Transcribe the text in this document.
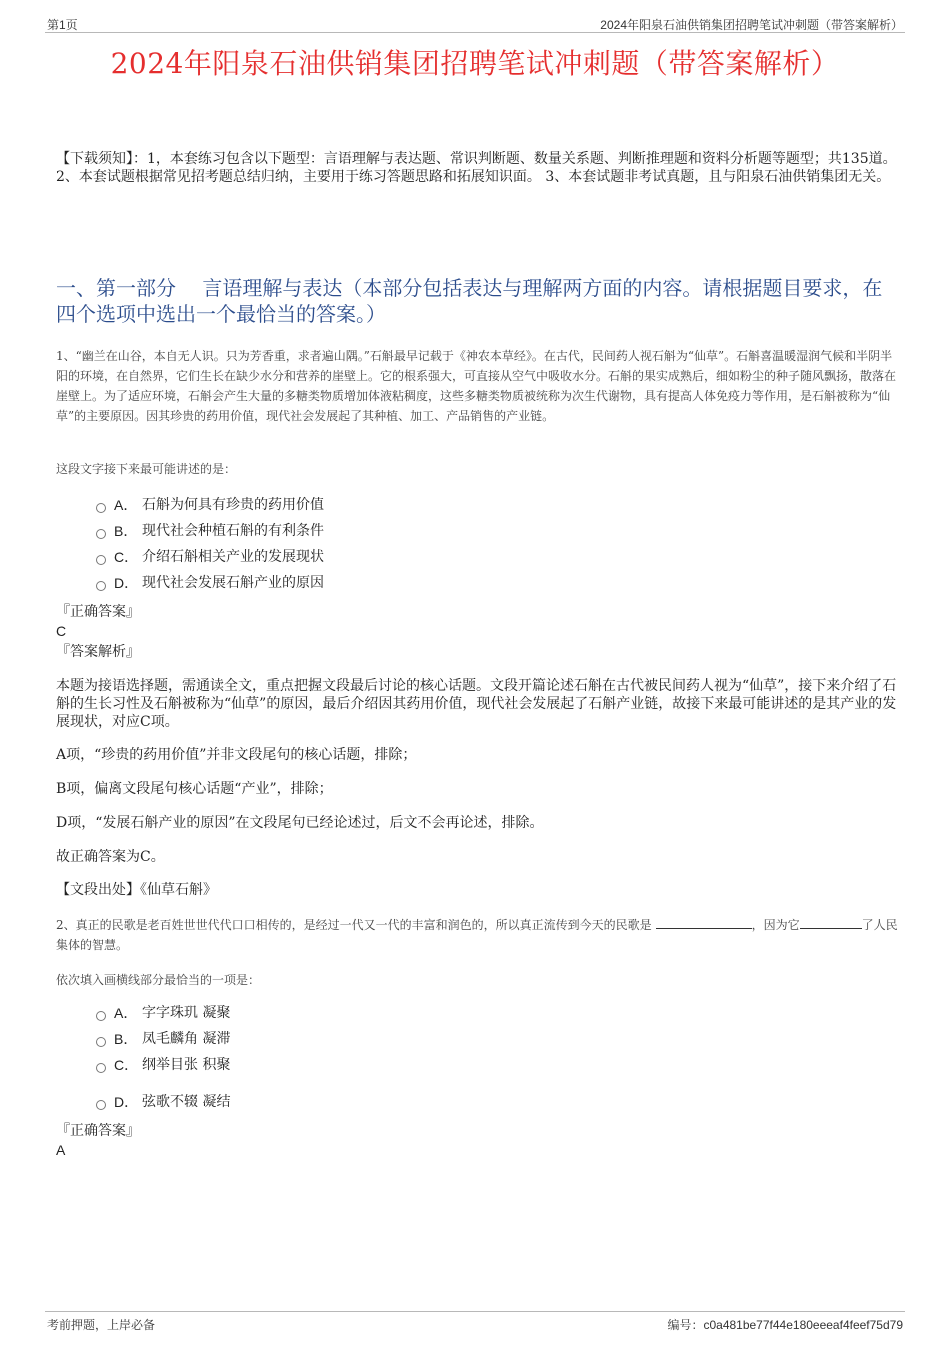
第1页	2024年阳泉石油供销集团招聘笔试冲刺题（带答案解析）
2024年阳泉石油供销集团招聘笔试冲刺题（带答案解析）
【下载须知】：1，本套练习包含以下题型：言语理解与表达题、常识判断题、数量关系题、判断推理题和资料分析题等题型；共135道。 2、本套试题根据常见招考题总结归纳，主要用于练习答题思路和拓展知识面。 3、本套试题非考试真题，且与阳泉石油供销集团无关。
一、第一部分　 言语理解与表达（本部分包括表达与理解两方面的内容。请根据题目要求，在四个选项中选出一个最恰当的答案。）
1、“幽兰在山谷，本自无人识。只为芳香重，求者遍山隅。”石斛最早记载于《神农本草经》。在古代，民间药人视石斛为“仙草”。石斛喜温暖湿润气候和半阴半阳的环境，在自然界，它们生长在缺少水分和营养的崖壁上。它的根系强大，可直接从空气中吸收水分。石斛的果实成熟后，细如粉尘的种子随风飘扬，散落在崖壁上。为了适应环境，石斛会产生大量的多糖类物质增加体液粘稠度，这些多糖类物质被统称为次生代谢物，具有提高人体免疫力等作用，是石斛被称为“仙草”的主要原因。因其珍贵的药用价值，现代社会发展起了其种植、加工、产品销售的产业链。
这段文字接下来最可能讲述的是：
A． 石斛为何具有珍贵的药用价值
B． 现代社会种植石斛的有利条件
C． 介绍石斛相关产业的发展现状
D． 现代社会发展石斛产业的原因
『正确答案』
C
『答案解析』
本题为接语选择题，需通读全文，重点把握文段最后讨论的核心话题。文段开篇论述石斛在古代被民间药人视为“仙草”，接下来介绍了石斛的生长习性及石斛被称为“仙草”的原因，最后介绍因其药用价值，现代社会发展起了石斛产业链，故接下来最可能讲述的是其产业的发展现状，对应C项。
A项，“珍贵的药用价值”并非文段尾句的核心话题，排除；
B项，偏离文段尾句核心话题“产业”，排除；
D项，“发展石斛产业的原因”在文段尾句已经论述过，后文不会再论述，排除。
故正确答案为C。
【文段出处】《仙草石斛》
2、真正的民歌是老百姓世世代代口口相传的，是经过一代又一代的丰富和润色的，所以真正流传到今天的民歌是	，因为它	了人民集体的智慧。
依次填入画横线部分最恰当的一项是：
A． 字字珠玑 凝聚
B． 凤毛麟角 凝滞
C． 纲举目张 积聚
D． 弦歌不辍 凝结
『正确答案』
A
考前押题，上岸必备	编号：c0a481be77f44e180eeeaf4feef75d79
